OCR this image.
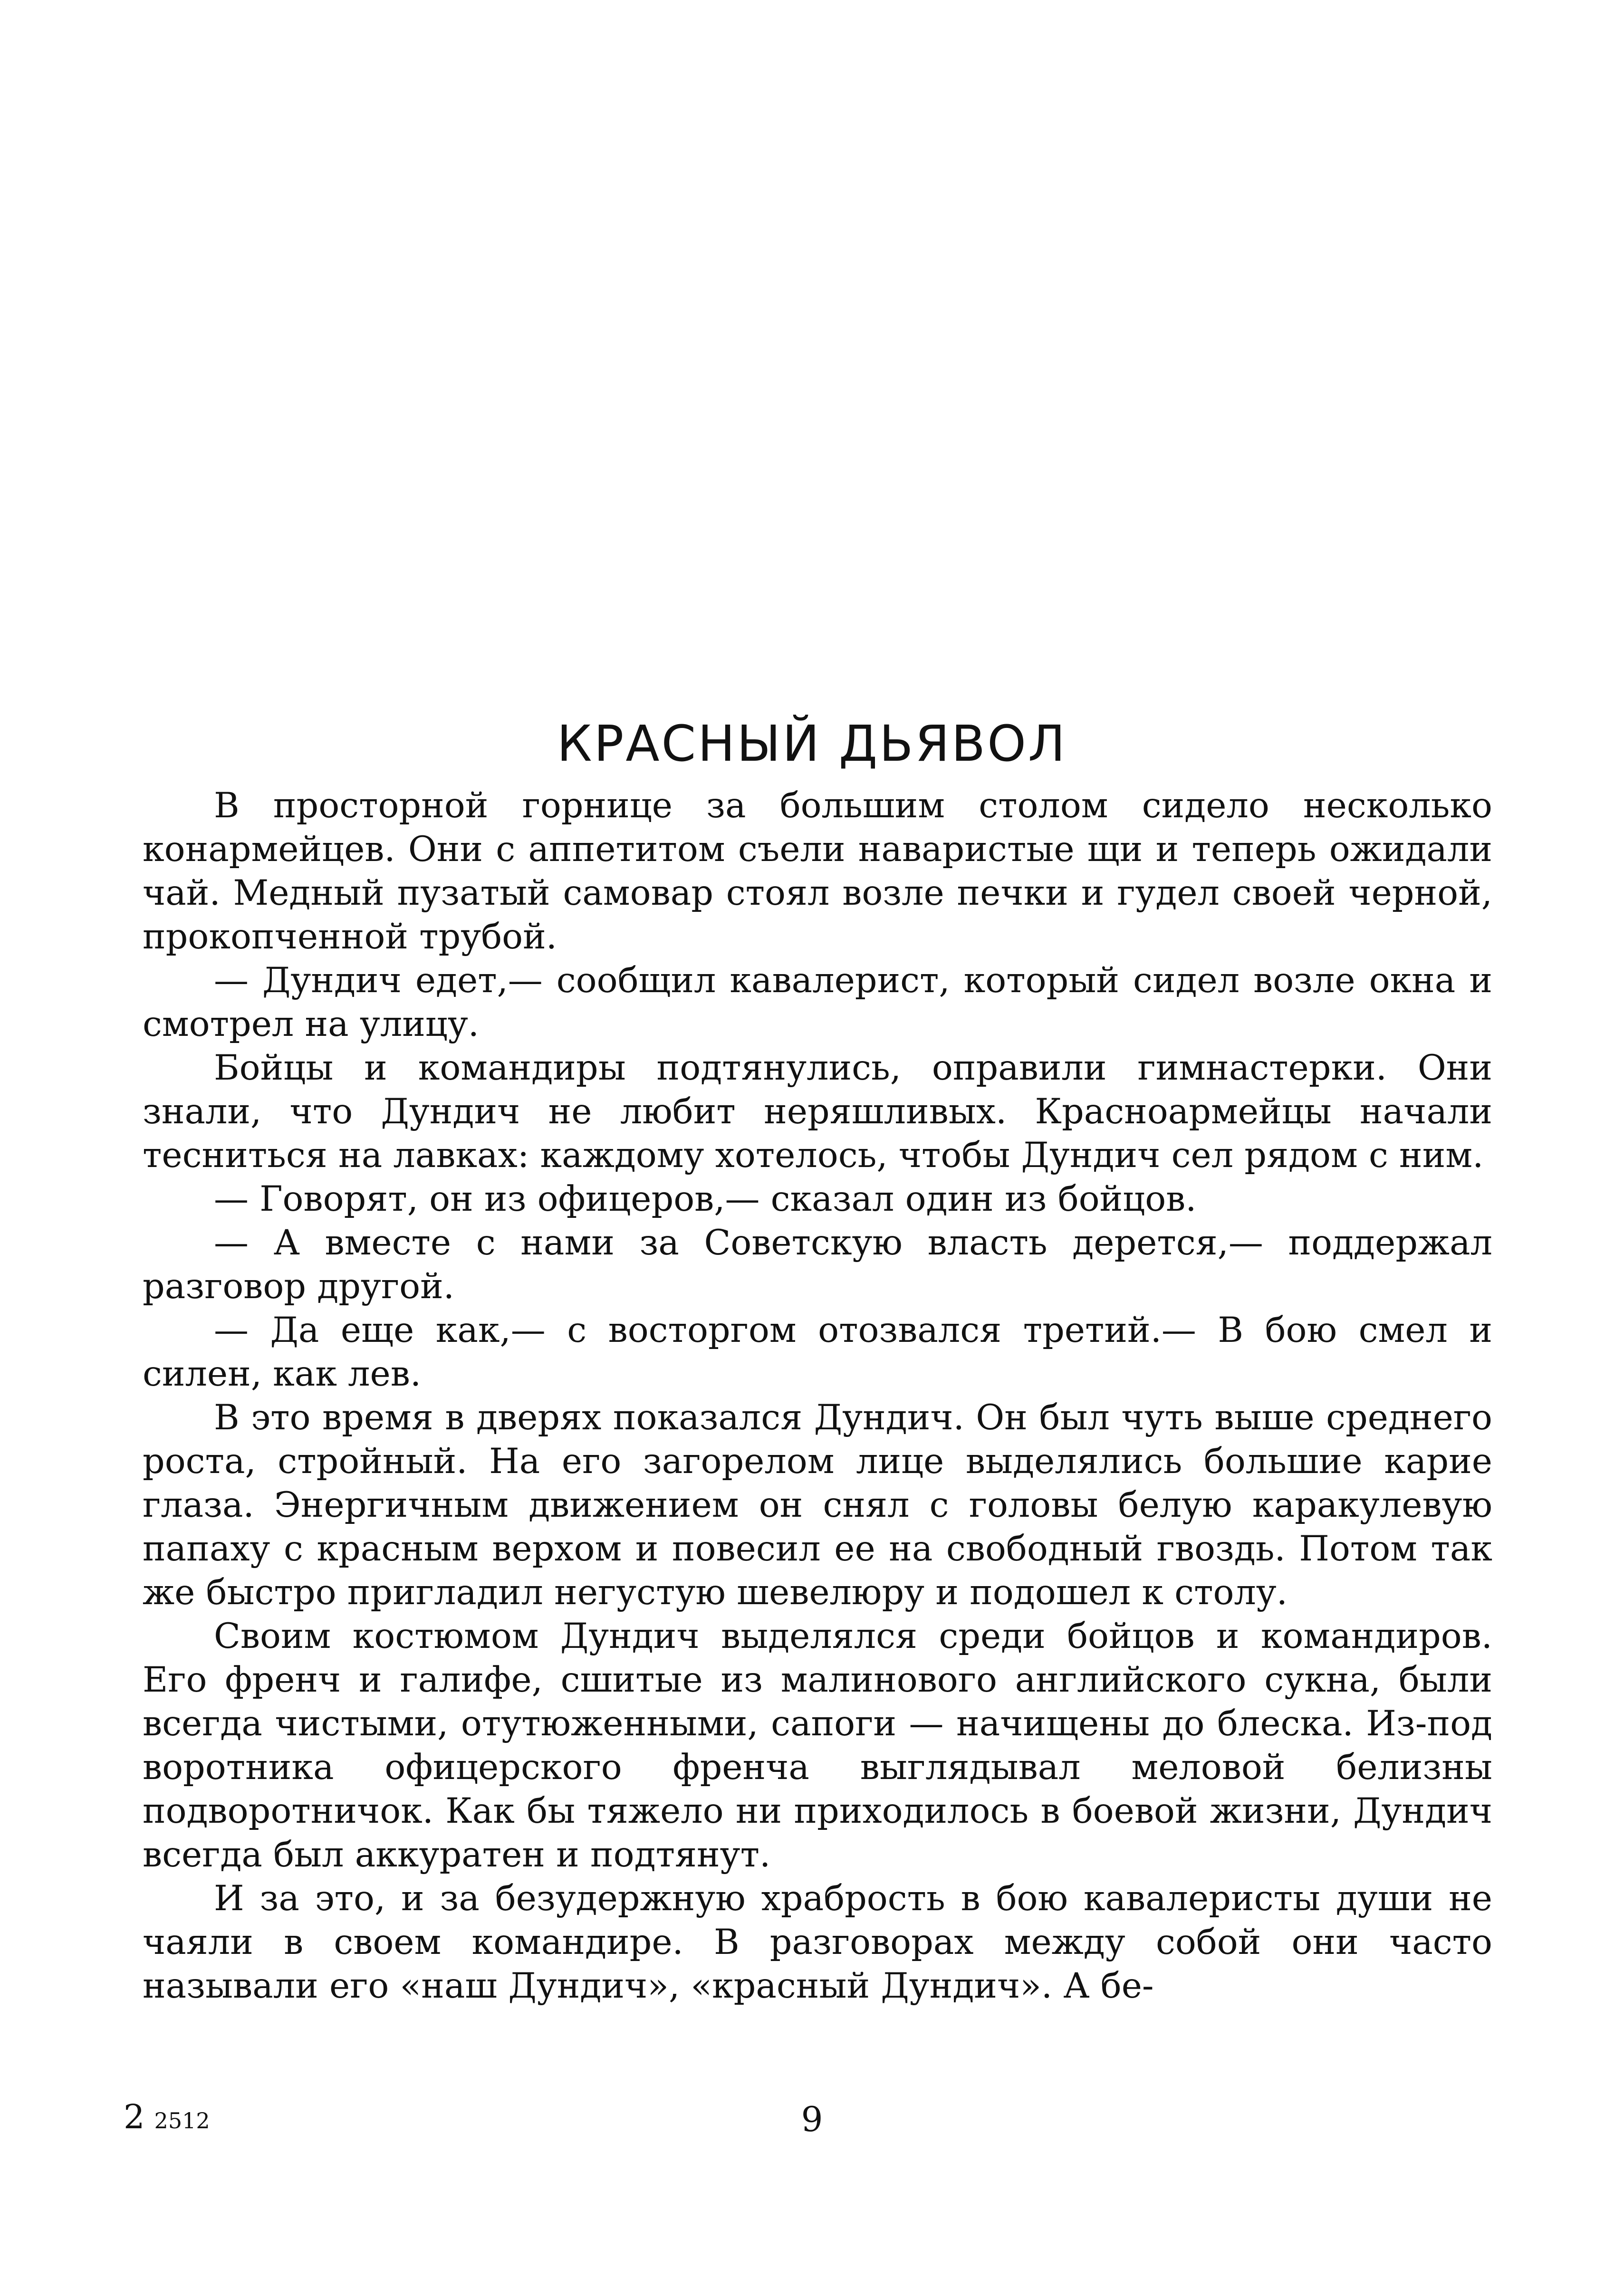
КРАСНЫЙ ДЬЯВОЛ

В просторной горнице за большим столом сидело несколько конармейцев. Они с аппетитом съели наваристые щи и теперь ожидали чай. Медный пузатый самовар стоял возле печки и гудел своей черной, прокопченной трубой.

— Дундич едет,— сообщил кавалерист, который сидел возле окна и смотрел на улицу.

Бойцы и командиры подтянулись, оправили гимнастерки. Они знали, что Дундич не любит неряшливых. Красноармейцы начали тесниться на лавках: каждому хотелось, чтобы Дундич сел рядом с ним.

— Говорят, он из офицеров,— сказал один из бойцов.

— А вместе с нами за Советскую власть дерется,— поддержал разговор другой.

— Да еще как,— с восторгом отозвался третий.— В бою смел и силен, как лев.

В это время в дверях показался Дундич. Он был чуть выше среднего роста, стройный. На его загорелом лице выделялись большие карие глаза. Энергичным движением он снял с головы белую каракулевую папаху с красным верхом и повесил ее на свободный гвоздь. Потом так же быстро пригладил негустую шевелюру и подошел к столу.

Своим костюмом Дундич выделялся среди бойцов и командиров. Его френч и галифе, сшитые из малинового английского сукна, были всегда чистыми, отутюженными, сапоги — начищены до блеска. Из-под воротника офицерского френча выглядывал меловой белизны подворотничок. Как бы тяжело ни приходилось в боевой жизни, Дундич всегда был аккуратен и подтянут.

И за это, и за безудержную храбрость в бою кавалеристы души не чаяли в своем командире. В разговорах между собой они часто называли его «наш Дундич», «красный Дундич». А бе-

2 2512	9
